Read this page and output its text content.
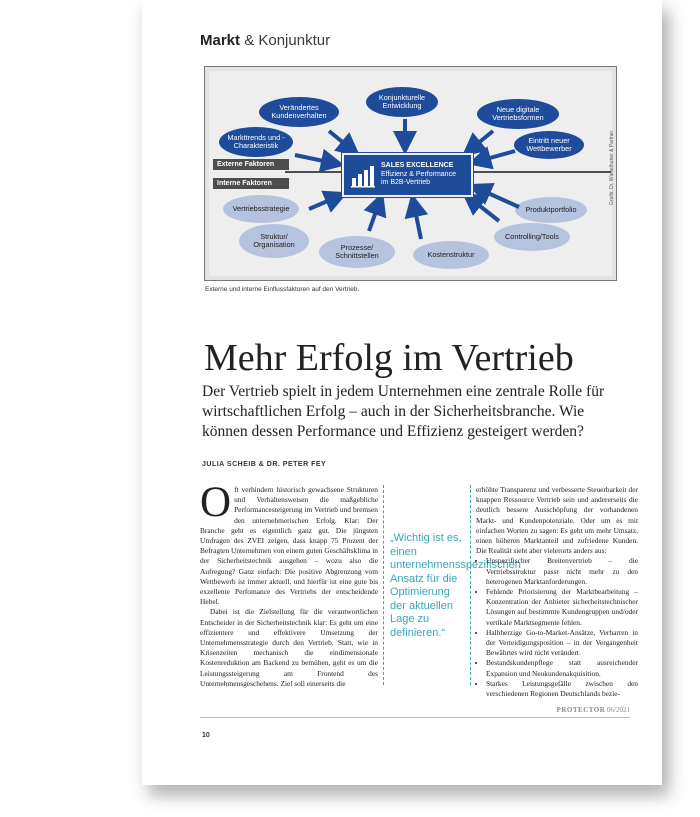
Markt & Konjunktur
Externe Faktoren
Interne Faktoren
Verändertes Kundenverhalten
Konjunkturelle Entwicklung	Neue digitale Vertriebsformen
Markttrends und -Charakteristik
Eintritt neuer Wettbewerber
Vertriebsstrategie
Struktur/ Organisation	Prozesse/ Schnittstellen	Kostenstruktur
Controlling/Tools
Produktportfolio
SALES EXCELLENCE
Effizienz & Performance
im B2B-Vertrieb	Grafik: Dr. Wieselhuber & Partner
Externe und interne Einflussfaktoren auf den Vertrieb.
Mehr Erfolg im Vertrieb
Der Vertrieb spielt in jedem Unternehmen eine zentrale Rolle für wirtschaftlichen Erfolg – auch in der Sicherheitsbranche. Wie können dessen Performance und Effizienz gesteigert werden?
JULIA SCHEIB & DR. PETER FEY

Oft verhindern historisch gewachsene Strukturen und Verhaltensweisen die maßgebliche Performancesteigerung im Vertrieb und bremsen den unternehmerischen Erfolg. Klar: Der Branche geht es eigentlich ganz gut. Die jüngsten Umfragen des ZVEI zeigen, dass knapp 75 Prozent der Befragten Unternehmen von einem guten Geschäftsklima in der Sicherheitstechnik ausgehen – wozu also die Aufregung? Ganz einfach: Die positive Abgrenzung vom Wettbewerb ist immer aktuell, und hierfür ist eine gute bis exzellente Perfomance des Vertriebs der entscheidende Hebel.

Dabei ist die Zielstellung für die verantwortlichen Entscheider in der Sicherheitstechnik klar: Es geht um eine effizientere und effektivere Umsetzung der Unternehmensstrategie durch den Vertrieb. Statt, wie in Krisenzeiten mechanisch die eindimensionale Kostenreduktion am Backend zu bemühen, geht es um die Leistungssteigerung am Frontend des Unternehmensgeschehens. Ziel soll einerseits die

„Wichtig ist es, einen unternehmensspezifischen Ansatz für die Optimierung der aktuellen Lage zu definieren.“
erhöhte Transparenz und verbesserte Steuerbarkeit der knappen Ressource Vertrieb sein und andererseits die deutlich bessere Ausschöpfung der vorhandenen Markt- und Kundenpotenziale. Oder um es mit einfachen Worten zu sagen: Es geht um mehr Umsatz, einen höheren Marktanteil und zufriedene Kunden. Die Realität sieht aber vielerorts anders aus:
• Unspezifischer Breitenvertrieb – die Vertriebsstruktur passt nicht mehr zu den heterogenen Marktanforderungen.
• Fehlende Priorisierung der Marktbearbeitung – Konzentration der Anbieter sicherheitstechnischer Lösungen auf bestimmte Kundengruppen und/oder vertikale Marktsegmente fehlen.
• Halbherzige Go-to-Market-Ansätze, Verharren in der Verteidigungsposition – in der Vergangenheit Bewährtes wird nicht verändert.
• Bestandskundenpflege statt ausreichender Expansion und Neukundenakquisition.
• Starkes Leistungsgefälle zwischen den verschiedenen Regionen Deutschlands bezie-
PROTECTOR 06/2021
10
